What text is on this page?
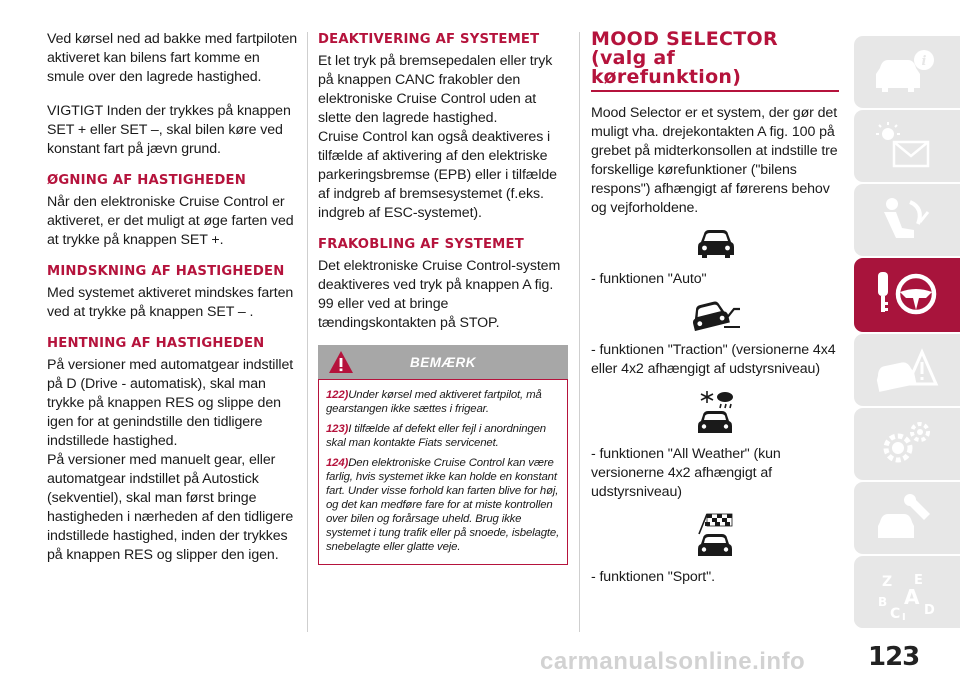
Ved kørsel ned ad bakke med fartpiloten aktiveret kan bilens fart komme en smule over den lagrede hastighed.

VIGTIGT Inden der trykkes på knappen SET + eller SET –, skal bilen køre ved konstant fart på jævn grund.

ØGNING AF HASTIGHEDEN

Når den elektroniske Cruise Control er aktiveret, er det muligt at øge farten ved at trykke på knappen SET +.

MINDSKNING AF HASTIGHEDEN

Med systemet aktiveret mindskes farten ved at trykke på knappen SET – .

HENTNING AF HASTIGHEDEN

På versioner med automatgear indstillet på D (Drive - automatisk), skal man trykke på knappen RES og slippe den igen for at genindstille den tidligere indstillede hastighed.

På versioner med manuelt gear, eller automatgear indstillet på Autostick (sekventiel), skal man først bringe hastigheden i nærheden af den tidligere indstillede hastighed, inden der trykkes på knappen RES og slipper den igen.

DEAKTIVERING AF SYSTEMET

Et let tryk på bremsepedalen eller tryk på knappen CANC frakobler den elektroniske Cruise Control uden at slette den lagrede hastighed.

Cruise Control kan også deaktiveres i tilfælde af aktivering af den elektriske parkeringsbremse (EPB) eller i tilfælde af indgreb af bremsesystemet (f.eks. indgreb af ESC-systemet).

FRAKOBLING AF SYSTEMET

Det elektroniske Cruise Control-system deaktiveres ved tryk på knappen A fig. 99 eller ved at bringe tændingskontakten på STOP.

BEMÆRK

122)Under kørsel med aktiveret fartpilot, må gearstangen ikke sættes i frigear.

123)I tilfælde af defekt eller fejl i anordningen skal man kontakte Fiats servicenet.

124)Den elektroniske Cruise Control kan være farlig, hvis systemet ikke kan holde en konstant fart. Under visse forhold kan farten blive for høj, og det kan medføre fare for at miste kontrollen over bilen og forårsage uheld. Brug ikke systemet i tung trafik eller på snoede, isbelagte, snebelagte eller glatte veje.

MOOD SELECTOR
(valg af
kørefunktion)

Mood Selector er et system, der gør det muligt vha. drejekontakten A fig. 100 på grebet på midterkonsollen at indstille tre forskellige kørefunktioner ("bilens respons") afhængigt af førerens behov og vejforholdene.

- funktionen "Auto"

- funktionen "Traction" (versionerne 4x4 eller 4x2 afhængigt af udstyrsniveau)

- funktionen "All Weather" (kun versionerne 4x2 afhængigt af udstyrsniveau)

- funktionen "Sport".

i
Z E
A
B
C D
I
123
carmanualsonline.info
